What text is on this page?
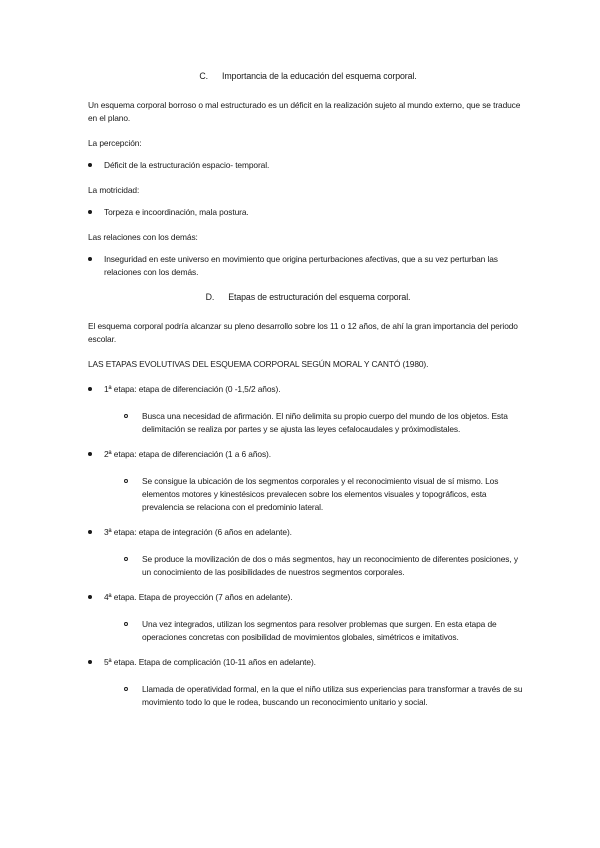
C. Importancia de la educación del esquema corporal.

Un esquema corporal borroso o mal estructurado es un déficit en la realización sujeto al mundo externo, que se traduce en el plano.

La percepción:

Déficit de la estructuración espacio- temporal.

La motricidad:

Torpeza e incoordinación, mala postura.

Las relaciones con los demás:

Inseguridad en este universo en movimiento que origina perturbaciones afectivas, que a su vez perturban las relaciones con los demás.
D. Etapas de estructuración del esquema corporal.

El esquema corporal podría alcanzar su pleno desarrollo sobre los 11 o 12 años, de ahí la gran importancia del periodo escolar.

LAS ETAPAS EVOLUTIVAS DEL ESQUEMA CORPORAL SEGÚN MORAL Y CANTÓ (1980).

1ª etapa: etapa de diferenciación (0 -1,5/2 años).
Busca una necesidad de afirmación. El niño delimita su propio cuerpo del mundo de los objetos. Esta delimitación se realiza por partes y se ajusta las leyes cefalocaudales y próximodistales.
2ª etapa: etapa de diferenciación (1 a 6 años).
Se consigue la ubicación de los segmentos corporales y el reconocimiento visual de sí mismo. Los elementos motores y kinestésicos prevalecen sobre los elementos visuales y topográficos, esta prevalencia se relaciona con el predominio lateral.
3ª etapa: etapa de integración (6 años en adelante).
Se produce la movilización de dos o más segmentos, hay un reconocimiento de diferentes posiciones, y un conocimiento de las posibilidades de nuestros segmentos corporales.
4ª etapa. Etapa de proyección (7 años en adelante).
Una vez integrados, utilizan los segmentos para resolver problemas que surgen. En esta etapa de operaciones concretas con posibilidad de movimientos globales, simétricos e imitativos.
5ª etapa. Etapa de complicación (10-11 años en adelante).
Llamada de operatividad formal, en la que el niño utiliza sus experiencias para transformar a través de su movimiento todo lo que le rodea, buscando un reconocimiento unitario y social.
